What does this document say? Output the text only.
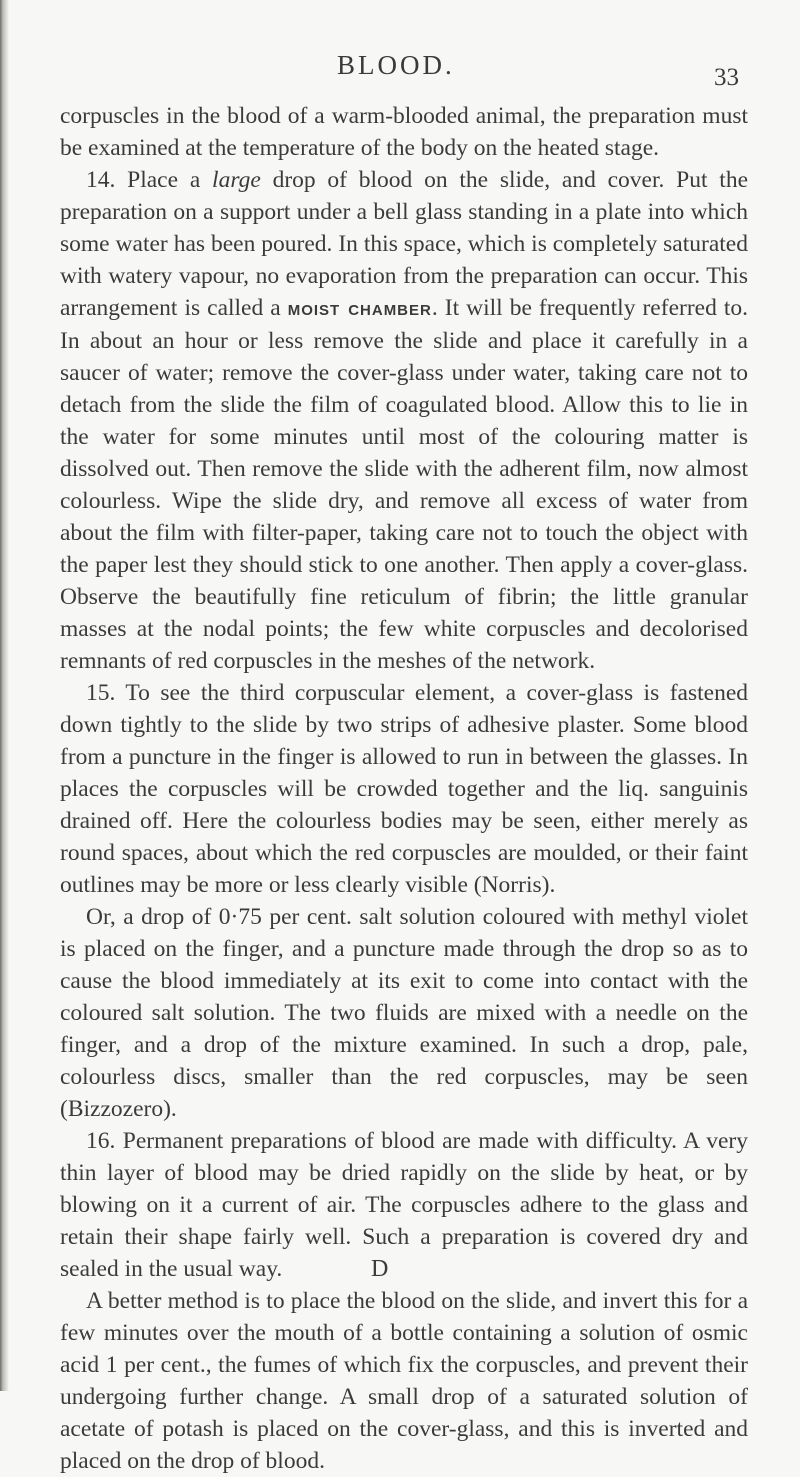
BLOOD.	33

corpuscles in the blood of a warm-blooded animal, the preparation must be examined at the temperature of the body on the heated stage.

14. Place a large drop of blood on the slide, and cover. Put the preparation on a support under a bell glass standing in a plate into which some water has been poured. In this space, which is completely saturated with watery vapour, no evaporation from the preparation can occur. This arrangement is called a moist chamber. It will be frequently referred to. In about an hour or less remove the slide and place it carefully in a saucer of water; remove the cover-glass under water, taking care not to detach from the slide the film of coagulated blood. Allow this to lie in the water for some minutes until most of the colouring matter is dissolved out. Then remove the slide with the adherent film, now almost colourless. Wipe the slide dry, and remove all excess of water from about the film with filter-paper, taking care not to touch the object with the paper lest they should stick to one another. Then apply a cover-glass. Observe the beautifully fine reticulum of fibrin; the little granular masses at the nodal points; the few white corpuscles and decolorised remnants of red corpuscles in the meshes of the network.

15. To see the third corpuscular element, a cover-glass is fastened down tightly to the slide by two strips of adhesive plaster. Some blood from a puncture in the finger is allowed to run in between the glasses. In places the corpuscles will be crowded together and the liq. sanguinis drained off. Here the colourless bodies may be seen, either merely as round spaces, about which the red corpuscles are moulded, or their faint outlines may be more or less clearly visible (Norris).

Or, a drop of 0·75 per cent. salt solution coloured with methyl violet is placed on the finger, and a puncture made through the drop so as to cause the blood immediately at its exit to come into contact with the coloured salt solution. The two fluids are mixed with a needle on the finger, and a drop of the mixture examined. In such a drop, pale, colourless discs, smaller than the red corpuscles, may be seen (Bizzozero).

16. Permanent preparations of blood are made with difficulty. A very thin layer of blood may be dried rapidly on the slide by heat, or by blowing on it a current of air. The corpuscles adhere to the glass and retain their shape fairly well. Such a preparation is covered dry and sealed in the usual way.

A better method is to place the blood on the slide, and invert this for a few minutes over the mouth of a bottle containing a solution of osmic acid 1 per cent., the fumes of which fix the corpuscles, and prevent their undergoing further change. A small drop of a saturated solution of acetate of potash is placed on the cover-glass, and this is inverted and placed on the drop of blood.

D
